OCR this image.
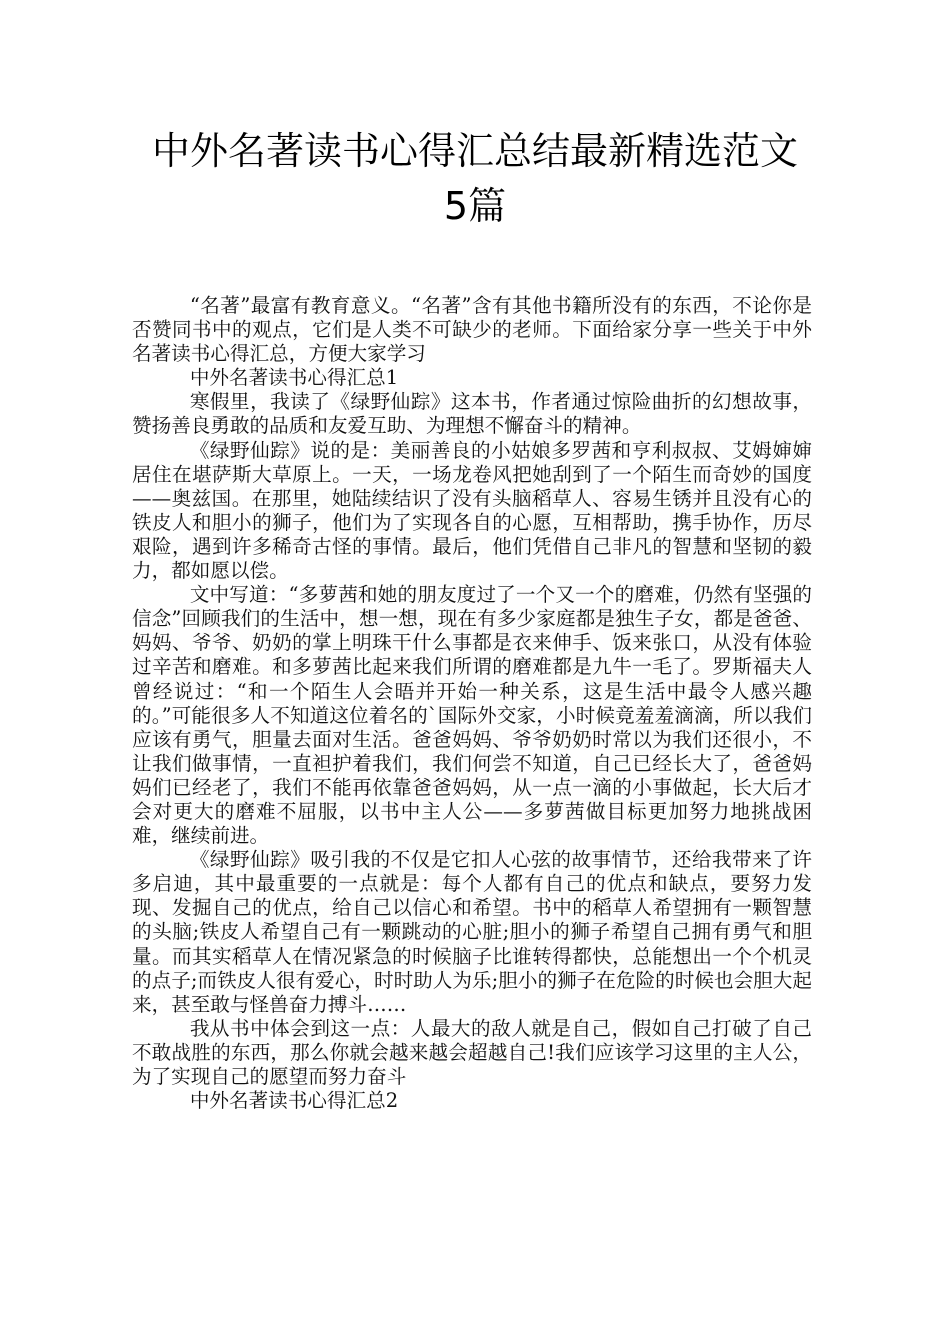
中外名著读书心得汇总结最新精选范文
5篇

“名著”最富有教育意义。“名著”含有其他书籍所没有的东西，不论你是否赞同书中的观点，它们是人类不可缺少的老师。下面给家分享一些关于中外名著读书心得汇总，方便大家学习

中外名著读书心得汇总1

寒假里，我读了《绿野仙踪》这本书，作者通过惊险曲折的幻想故事，赞扬善良勇敢的品质和友爱互助、为理想不懈奋斗的精神。

《绿野仙踪》说的是：美丽善良的小姑娘多罗茜和亨利叔叔、艾姆婶婶居住在堪萨斯大草原上。一天，一场龙卷风把她刮到了一个陌生而奇妙的国度——奥兹国。在那里，她陆续结识了没有头脑稻草人、容易生锈并且没有心的铁皮人和胆小的狮子，他们为了实现各自的心愿，互相帮助，携手协作，历尽艰险，遇到许多稀奇古怪的事情。最后，他们凭借自己非凡的智慧和坚韧的毅力，都如愿以偿。

文中写道：“多萝茜和她的朋友度过了一个又一个的磨难，仍然有坚强的信念”回顾我们的生活中，想一想，现在有多少家庭都是独生子女，都是爸爸、妈妈、爷爷、奶奶的掌上明珠干什么事都是衣来伸手、饭来张口，从没有体验过辛苦和磨难。和多萝茜比起来我们所谓的磨难都是九牛一毛了。罗斯福夫人曾经说过：“和一个陌生人会晤并开始一种关系，这是生活中最令人感兴趣的。”可能很多人不知道这位着名的`国际外交家，小时候竟羞羞滴滴，所以我们应该有勇气，胆量去面对生活。爸爸妈妈、爷爷奶奶时常以为我们还很小，不让我们做事情，一直袒护着我们，我们何尝不知道，自己已经长大了，爸爸妈妈们已经老了，我们不能再依靠爸爸妈妈，从一点一滴的小事做起，长大后才会对更大的磨难不屈服，以书中主人公——多萝茜做目标更加努力地挑战困难，继续前进。

《绿野仙踪》吸引我的不仅是它扣人心弦的故事情节，还给我带来了许多启迪，其中最重要的一点就是：每个人都有自己的优点和缺点，要努力发现、发掘自己的优点，给自己以信心和希望。书中的稻草人希望拥有一颗智慧的头脑;铁皮人希望自己有一颗跳动的心脏;胆小的狮子希望自己拥有勇气和胆量。而其实稻草人在情况紧急的时候脑子比谁转得都快，总能想出一个个机灵的点子;而铁皮人很有爱心，时时助人为乐;胆小的狮子在危险的时候也会胆大起来，甚至敢与怪兽奋力搏斗……

我从书中体会到这一点：人最大的敌人就是自己，假如自己打破了自己不敢战胜的东西，那么你就会越来越会超越自己!我们应该学习这里的主人公，为了实现自己的愿望而努力奋斗

中外名著读书心得汇总2
